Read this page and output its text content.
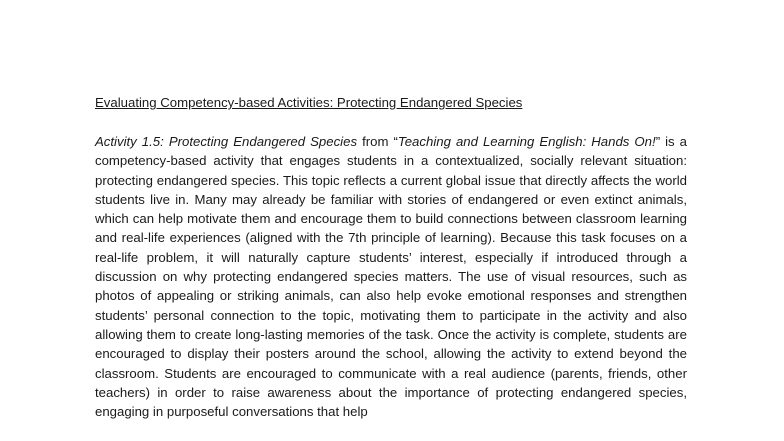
Evaluating Competency-based Activities: Protecting Endangered Species

Activity 1.5: Protecting Endangered Species from “Teaching and Learning English: Hands On!” is a competency-based activity that engages students in a contextualized, socially relevant situation: protecting endangered species. This topic reflects a current global issue that directly affects the world students live in. Many may already be familiar with stories of endangered or even extinct animals, which can help motivate them and encourage them to build connections between classroom learning and real-life experiences (aligned with the 7th principle of learning). Because this task focuses on a real-life problem, it will naturally capture students’ interest, especially if introduced through a discussion on why protecting endangered species matters. The use of visual resources, such as photos of appealing or striking animals, can also help evoke emotional responses and strengthen students’ personal connection to the topic, motivating them to participate in the activity and also allowing them to create long-lasting memories of the task. Once the activity is complete, students are encouraged to display their posters around the school, allowing the activity to extend beyond the classroom. Students are encouraged to communicate with a real audience (parents, friends, other teachers) in order to raise awareness about the importance of protecting endangered species, engaging in purposeful conversations that help
